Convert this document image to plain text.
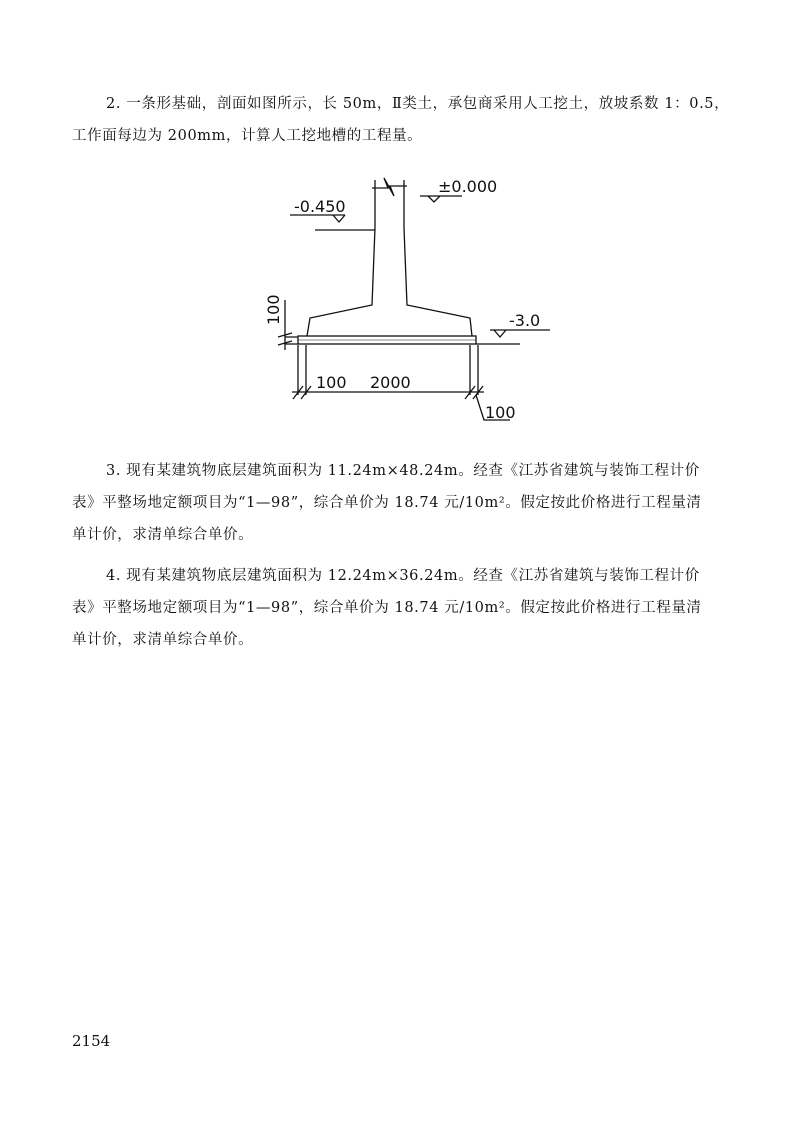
2. 一条形基础，剖面如图所示，长 50m，Ⅱ类土，承包商采用人工挖土，放坡系数 1：0.5，
工作面每边为 200mm，计算人工挖地槽的工程量。
±0.000
-0.450
-3.0
100
100 2000
100
3. 现有某建筑物底层建筑面积为 11.24m×48.24m。经查《江苏省建筑与装饰工程计价
表》平整场地定额项目为“1—98”，综合单价为 18.74 元/10m²。假定按此价格进行工程量清
单计价，求清单综合单价。
4. 现有某建筑物底层建筑面积为 12.24m×36.24m。经查《江苏省建筑与装饰工程计价
表》平整场地定额项目为“1—98”，综合单价为 18.74 元/10m²。假定按此价格进行工程量清
单计价，求清单综合单价。
2154
